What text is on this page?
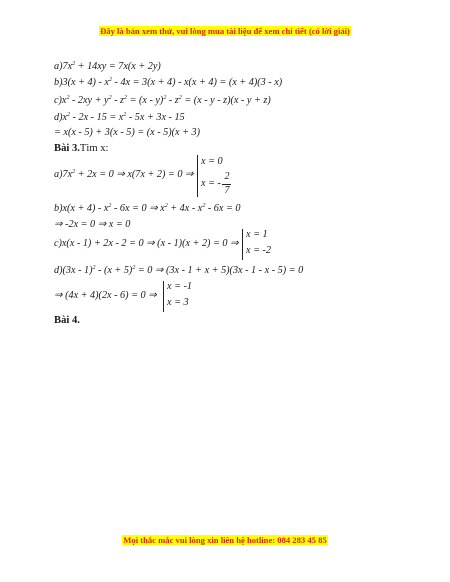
Đây là bản xem thử, vui lòng mua tài liệu để xem chi tiết (có lời giải)
$a)7x^2 + 14xy = 7x(x + 2y)$
$b)3(x + 4) - x^2 - 4x = 3(x + 4) - x(x + 4) = (x + 4)(3 - x)$
$c)x^2 - 2xy + y^2 - z^2 = (x - y)^2 - z^2 = (x - y - z)(x - y + z)$
$d)x^2 - 2x - 15 = x^2 - 5x + 3x - 15$
= x(x - 5) + 3(x - 5) = (x - 5)(x + 3)
Bài 3.Tìm x:
$a)7x^2 + 2x = 0$ ⇒ x(7x + 2) = 0 ⇒
x = 0
x = -
2
7
$b)x(x + 4) - x^2 - 6x = 0$ ⇒ $x^2 + 4x - x^2 - 6x = 0$
⇒ -2x = 0 ⇒ x = 0
c)x(x - 1) + 2x - 2 = 0 ⇒ (x - 1)(x + 2) = 0 ⇒
x = 1
x = -2
$d)(3x - 1)^2 - (x + 5)^2 = 0$ ⇒ (3x - 1 + x + 5)(3x - 1 - x - 5) = 0
⇒ (4x + 4)(2x - 6) = 0 ⇒
x = -1
x = 3
Bài 4.
Mọi thắc mắc vui lòng xin liên hệ hotline: 084 283 45 85
